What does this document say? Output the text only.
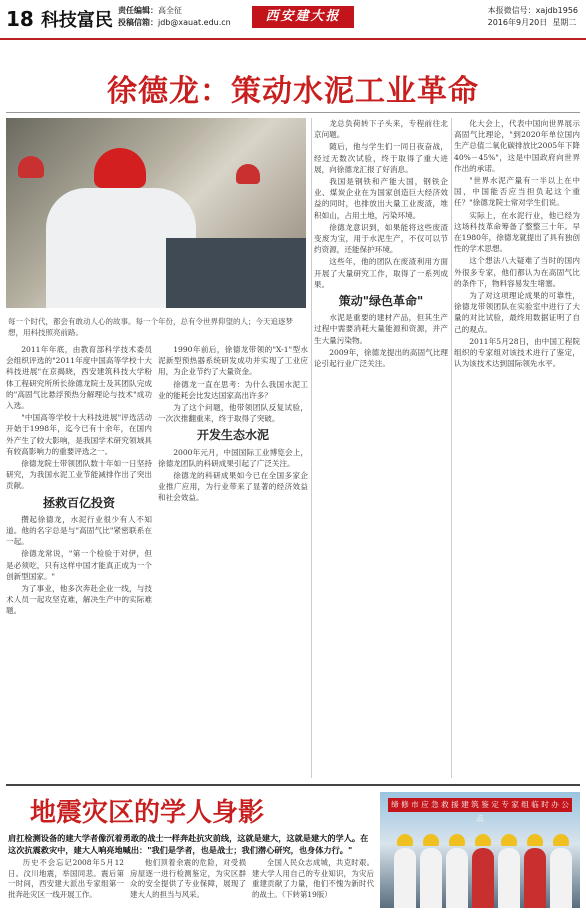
18 科技富民 责任编辑：高全征
投稿信箱：jdb@xauat.edu.cn	西安建大报	本报微信号：xajdb1956
2016年9月20日 星期二
徐德龙：策动水泥工业革命
每一个时代，都会有敢动人心的故事。每一个年份，总有令世界仰望的人；今天追逐梦想，用科技照亮前路。

2011年年底，由教育部科学技术委员会组织评选的"2011年度中国高等学校十大科技进展"在京揭晓，西安建筑科技大学粉体工程研究所所长徐德龙院士及其团队完成的"高固气比悬浮预热分解理论与技术"成功入选。

"中国高等学校十大科技进展"评选活动开始于1998年，迄今已有十余年，在国内外产生了较大影响，是我国学术研究领域具有较高影响力的重要评选之一。

徐德龙院士带领团队数十年如一日坚持研究，为我国水泥工业节能减排作出了突出贡献。

拯救百亿投资

攒起徐德龙，水泥行业很少有人不知道。他的名字总是与"高固气比"紧密联系在一起。

徐德龙常说，"第一个检验于对伊，但是必须吃，只有这样中国才能真正成为一个创新型国家。"

为了事业，他多次奔赴企业一线，与技术人员一起攻坚克难，解决生产中的实际难题。

1990年前后，徐德龙带领的"X-1"型水泥新型预热器系统研发成功并实现了工业应用，为企业节约了大量资金。

徐德龙一直在思考：为什么我国水泥工业的能耗会比发达国家高出许多？

为了这个问题，他带领团队反复试验，一次次推翻重来，终于取得了突破。

开发生态水泥

2000年元月，中国国际工业博览会上，徐德龙团队的科研成果引起了广泛关注。

徐德龙的科研成果如今已在全国多家企业推广应用，为行业带来了显著的经济效益和社会效益。

龙总负荷转下子头来，专程前往北京问题。

随后，他与学生们一同日夜奋战，经过无数次试验，终于取得了重大进展，向徐德龙汇报了好消息。

我国是钢铁和产能大国，钢铁企业、煤炭企业在为国家创造巨大经济效益的同时，也排放出大量工业废渣，堆积如山，占用土地，污染环境。

徐德龙意识到，如果能将这些废渣变废为宝，用于水泥生产，不仅可以节约资源，还能保护环境。

这些年，他的团队在废渣利用方面开展了大量研究工作，取得了一系列成果。

策动"绿色革命"

水泥是重要的建材产品，但其生产过程中需要消耗大量能源和资源，并产生大量污染物。

2009年，徐德龙提出的高固气比理论引起行业广泛关注。

化大会上，代表中国向世界展示高固气比理论，"到2020年单位国内生产总值二氧化碳排放比2005年下降40%－45%"，这是中国政府向世界作出的承诺。

"世界水泥产量有一半以上在中国，中国能否应当担负起这个重任？"徐德龙院士常对学生们说。

实际上，在水泥行业，他已经为这场科技革命筹备了整整三十年。早在1980年，徐德龙就提出了具有独创性的学术思想。

这个想法八大疑难了当时的国内外很多专家，他们都认为在高固气比的条件下，物料容易发生堵塞。

为了对这项理论成果的可靠性，徐德龙带领团队在实验室中进行了大量的对比试验，最终用数据证明了自己的观点。

2011年5月28日，由中国工程院组织的专家组对该技术进行了鉴定，认为该技术达到国际领先水平。

地震灾区的学人身影
肩扛检测设备的建大学者像沉着勇敢的战士一样奔赴抗灾前线，这就是建大，这就是建大的学人。在这次抗震救灾中，建大人响亮地喊出："我们是学者，也是战士；我们潜心研究，也身体力行。"

历史不会忘记2008年5月12日。汶川地震，举国同悲。震后第一时间，西安建大派出专家组第一批奔赴灾区一线开展工作。

他们顶着余震的危险，对受损房屋逐一进行检测鉴定，为灾区群众的安全提供了专业保障，展现了建大人的担当与风采。

全国人民众志成城，共克时艰。建大学人用自己的专业知识，为灾后重建贡献了力量，他们不愧为新时代的战士。（下转第19版）

缔 修 市 应 急 救 援 建 筑 鉴 定 专 家 组 临 时 办 公 点
